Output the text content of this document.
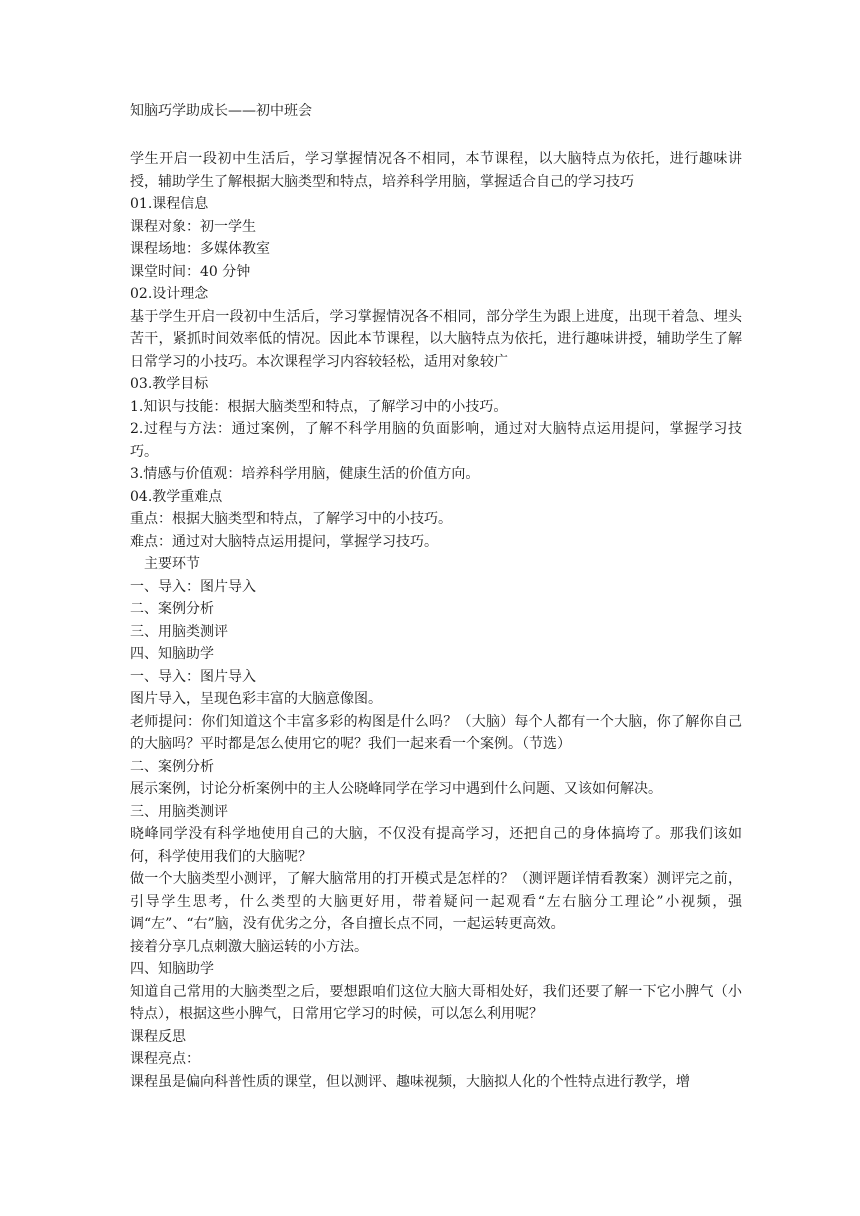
知脑巧学助成长——初中班会

学生开启一段初中生活后，学习掌握情况各不相同，本节课程，以大脑特点为依托，进行趣味讲授，辅助学生了解根据大脑类型和特点，培养科学用脑，掌握适合自己的学习技巧

01.课程信息

课程对象：初一学生

课程场地：多媒体教室

课堂时间：40 分钟

02.设计理念

基于学生开启一段初中生活后，学习掌握情况各不相同，部分学生为跟上进度，出现干着急、埋头苦干，紧抓时间效率低的情况。因此本节课程，以大脑特点为依托，进行趣味讲授，辅助学生了解日常学习的小技巧。本次课程学习内容较轻松，适用对象较广

03.教学目标

1.知识与技能：根据大脑类型和特点，了解学习中的小技巧。

2.过程与方法：通过案例，了解不科学用脑的负面影响，通过对大脑特点运用提问，掌握学习技巧。

3.情感与价值观：培养科学用脑，健康生活的价值方向。

04.教学重难点

重点：根据大脑类型和特点，了解学习中的小技巧。

难点：通过对大脑特点运用提问，掌握学习技巧。

主要环节

一、导入：图片导入

二、案例分析

三、用脑类测评

四、知脑助学

一、导入：图片导入

图片导入，呈现色彩丰富的大脑意像图。

老师提问：你们知道这个丰富多彩的构图是什么吗？（大脑）每个人都有一个大脑，你了解你自己的大脑吗？平时都是怎么使用它的呢？我们一起来看一个案例。（节选）

二、案例分析

展示案例，讨论分析案例中的主人公晓峰同学在学习中遇到什么问题、又该如何解决。

三、用脑类测评

晓峰同学没有科学地使用自己的大脑，不仅没有提高学习，还把自己的身体搞垮了。那我们该如何，科学使用我们的大脑呢？

做一个大脑类型小测评，了解大脑常用的打开模式是怎样的？（测评题详情看教案）测评完之前，引导学生思考，什么类型的大脑更好用，带着疑问一起观看“左右脑分工理论”小视频，强调“左”、“右”脑，没有优劣之分，各自擅长点不同，一起运转更高效。

接着分享几点刺激大脑运转的小方法。

四、知脑助学

知道自己常用的大脑类型之后，要想跟咱们这位大脑大哥相处好，我们还要了解一下它小脾气（小特点），根据这些小脾气，日常用它学习的时候，可以怎么利用呢？

课程反思

课程亮点：

课程虽是偏向科普性质的课堂，但以测评、趣味视频，大脑拟人化的个性特点进行教学，增
